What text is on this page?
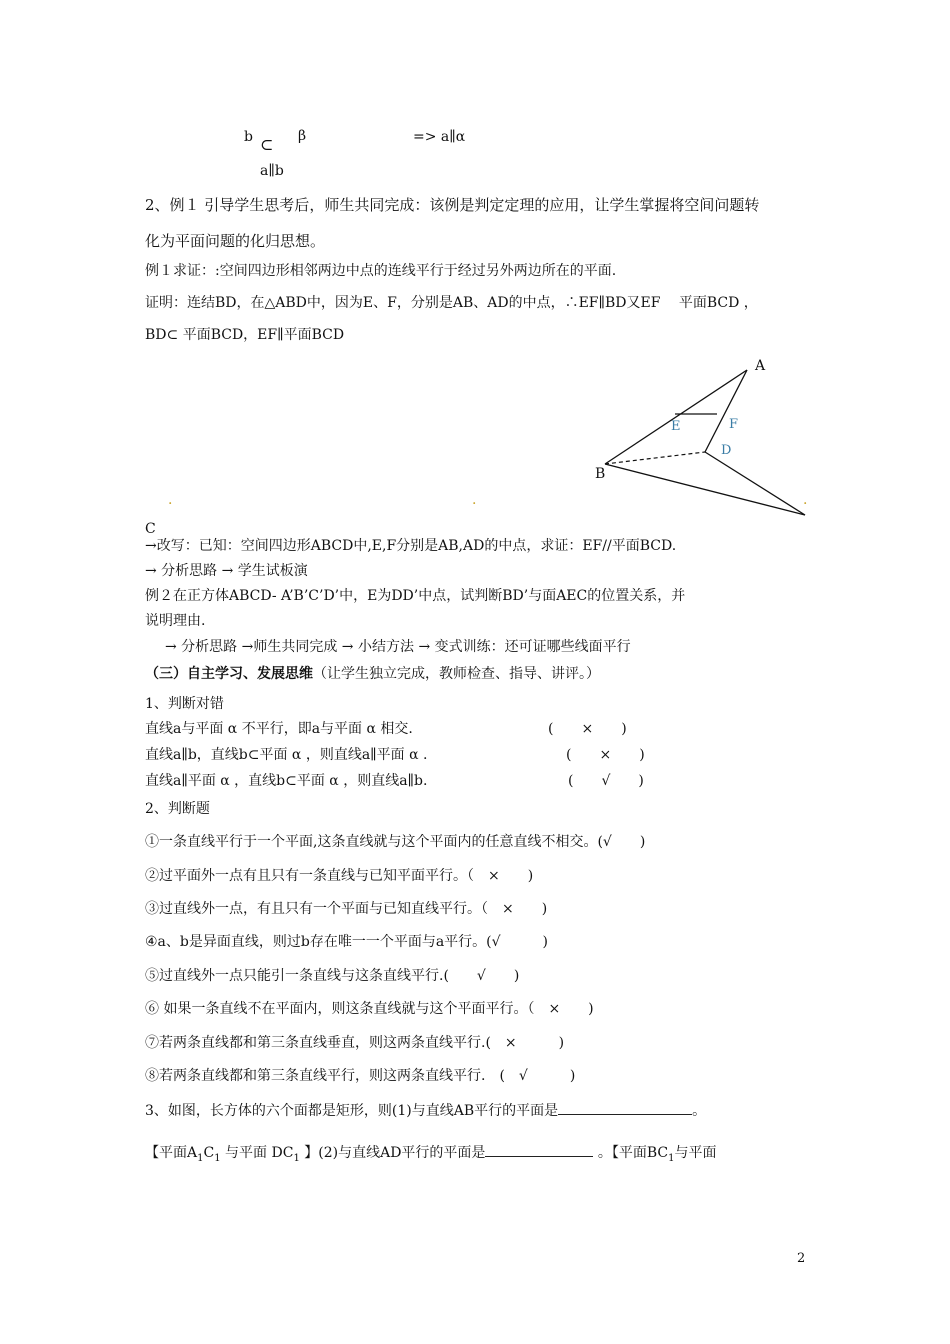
b ⊂ β	=> a∥α
a∥b
2、例１ 引导学生思考后，师生共同完成：该例是判定定理的应用，让学生掌握将空间问题转
化为平面问题的化归思想。
例１求证：:空间四边形相邻两边中点的连线平行于经过另外两边所在的平面.
证明：连结BD，在△ABD中，因为E、F，分别是AB、AD的中点，∴EF∥BD又EF　 平面BCD ，
BD⊂ 平面BCD，EF∥平面BCD
A
E	F
D
B
·	·	·
C
→改写：已知：空间四边形ABCD中,E,F分别是AB,AD的中点，求证：EF//平面BCD.
→ 分析思路 → 学生试板演
例２在正方体ABCD- A’B’C’D’中，E为DD’中点，试判断BD’与面AEC的位置关系，并
说明理由.
→ 分析思路 →师生共同完成 → 小结方法 → 变式训练：还可证哪些线面平行
（三）自主学习、发展思维（让学生独立完成，教师检查、指导、讲评。）
1、判断对错
直线a与平面 α 不平行，即a与平面 α 相交.	(　　×　　)
直线a∥b，直线b⊂平面 α ，则直线a∥平面 α .	(　　×　　)
直线a∥平面 α ，直线b⊂平面 α ，则直线a∥b.	(　　√　　)
2、判断题
①一条直线平行于一个平面,这条直线就与这个平面内的任意直线不相交。(√　　)
②过平面外一点有且只有一条直线与已知平面平行。（　×　　)
③过直线外一点，有且只有一个平面与已知直线平行。（　×　　)
④a、b是异面直线，则过b存在唯一一个平面与a平行。(√　　　)
⑤过直线外一点只能引一条直线与这条直线平行.(　　√　　)
⑥ 如果一条直线不在平面内，则这条直线就与这个平面平行。（　×　　)
⑦若两条直线都和第三条直线垂直，则这两条直线平行.(　×　　　)
⑧若两条直线都和第三条直线平行，则这两条直线平行.　(　√　　　)
3、如图，长方体的六个面都是矩形，则(1)与直线AB平行的平面是	。
【平面$A_1C_1$ 与平面 $DC_1$ 】(2)与直线AD平行的平面是	。【平面$BC_1$与平面
2
